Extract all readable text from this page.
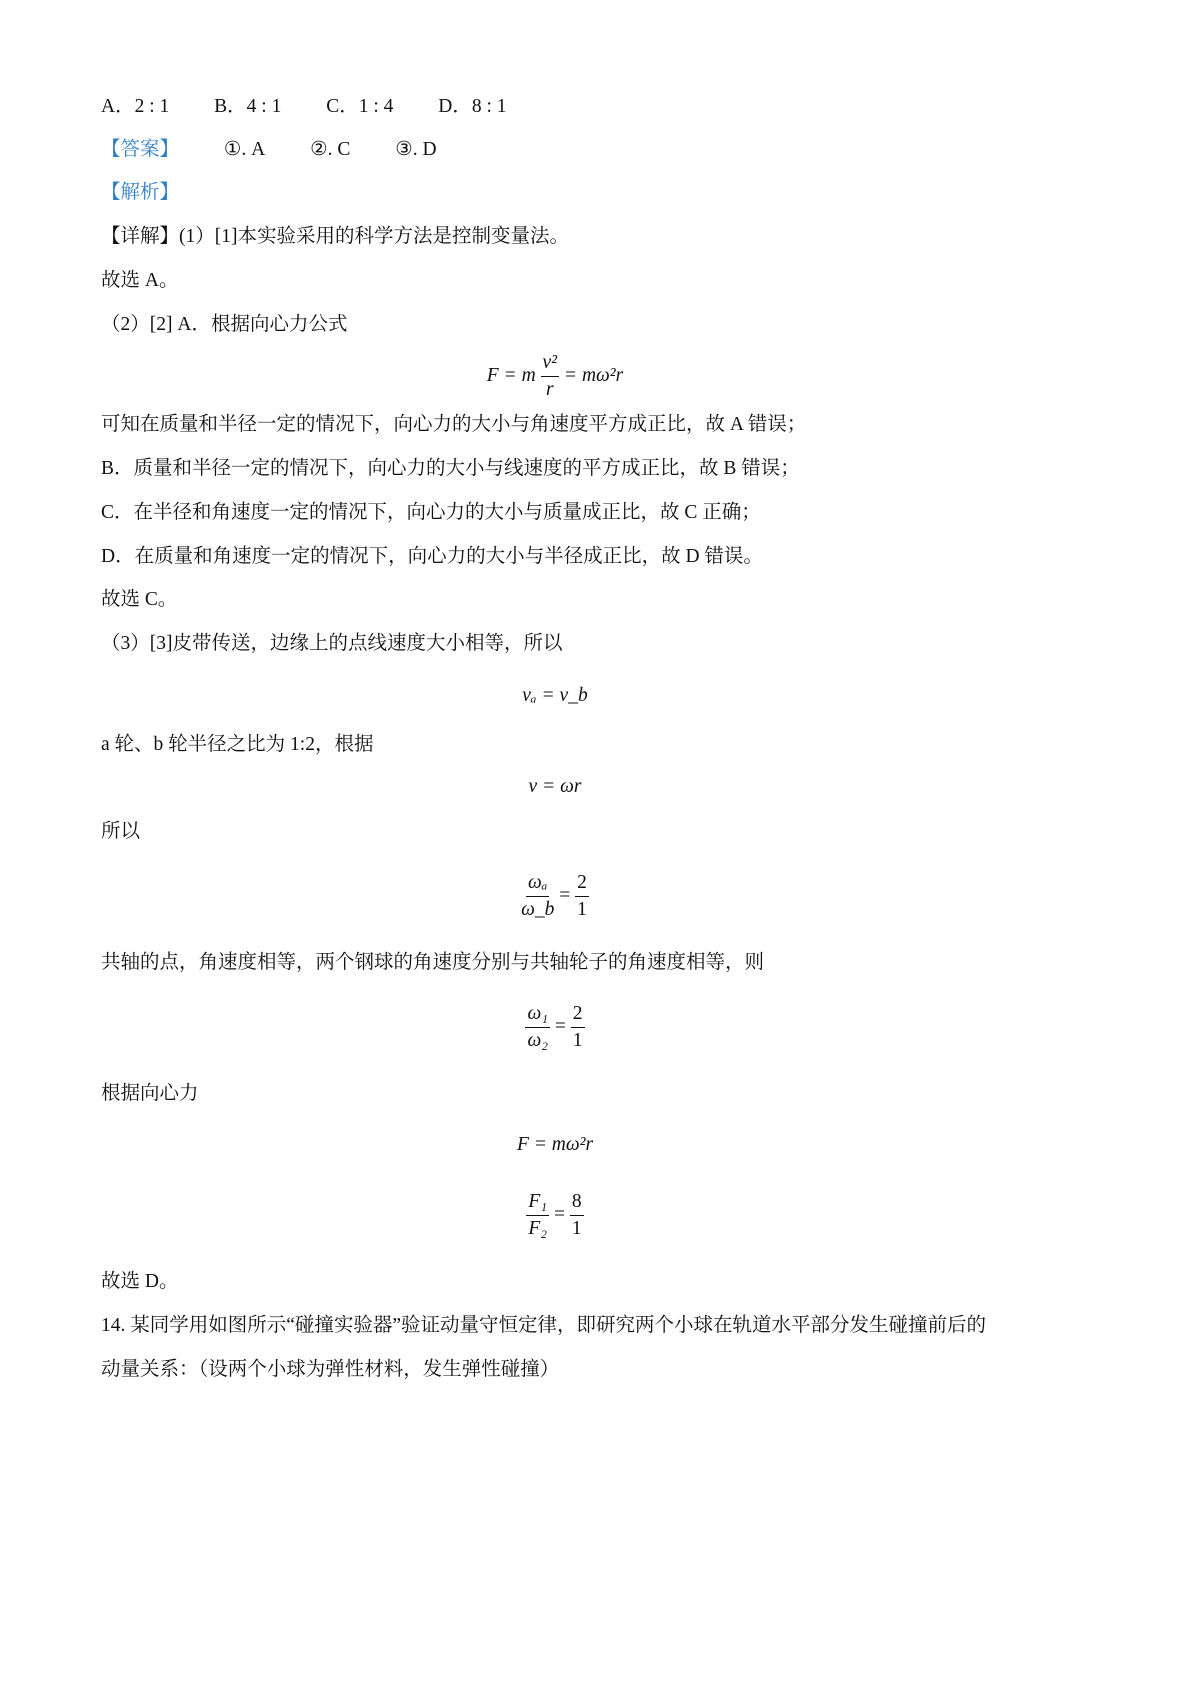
A．2 : 1 B．4 : 1 C．1 : 4 D．8 : 1
【答案】 ①. A ②. C ③. D
【解析】
【详解】(1）[1]本实验采用的科学方法是控制变量法。
故选 A。
（2）[2] A．根据向心力公式
F = m $\frac{\text{v²}}{r} = m\omega^2r$
可知在质量和半径一定的情况下，向心力的大小与角速度平方成正比，故 A 错误；
B．质量和半径一定的情况下，向心力的大小与线速度的平方成正比，故 B 错误；
C．在半径和角速度一定的情况下，向心力的大小与质量成正比，故 C 正确；
D．在质量和角速度一定的情况下，向心力的大小与半径成正比，故 D 错误。
故选 C。
（3）[3]皮带传送，边缘上的点线速度大小相等，所以
vₐ = v_b
a 轮、b 轮半径之比为 1:2，根据
v = ωr
所以
$\frac{\text{ωₐ}}{\omega\_b} = \frac{2}{1}$
共轴的点，角速度相等，两个钢球的角速度分别与共轴轮子的角速度相等，则
$\frac{\text{ω₁}}{\text{ω₂}} = \frac{2}{1}$
根据向心力
F = mω²r
$\frac{\text{F₁}}{\text{F₂}} = \frac{8}{1}$
故选 D。
14. 某同学用如图所示“碰撞实验器”验证动量守恒定律，即研究两个小球在轨道水平部分发生碰撞前后的
动量关系：（设两个小球为弹性材料，发生弹性碰撞）
